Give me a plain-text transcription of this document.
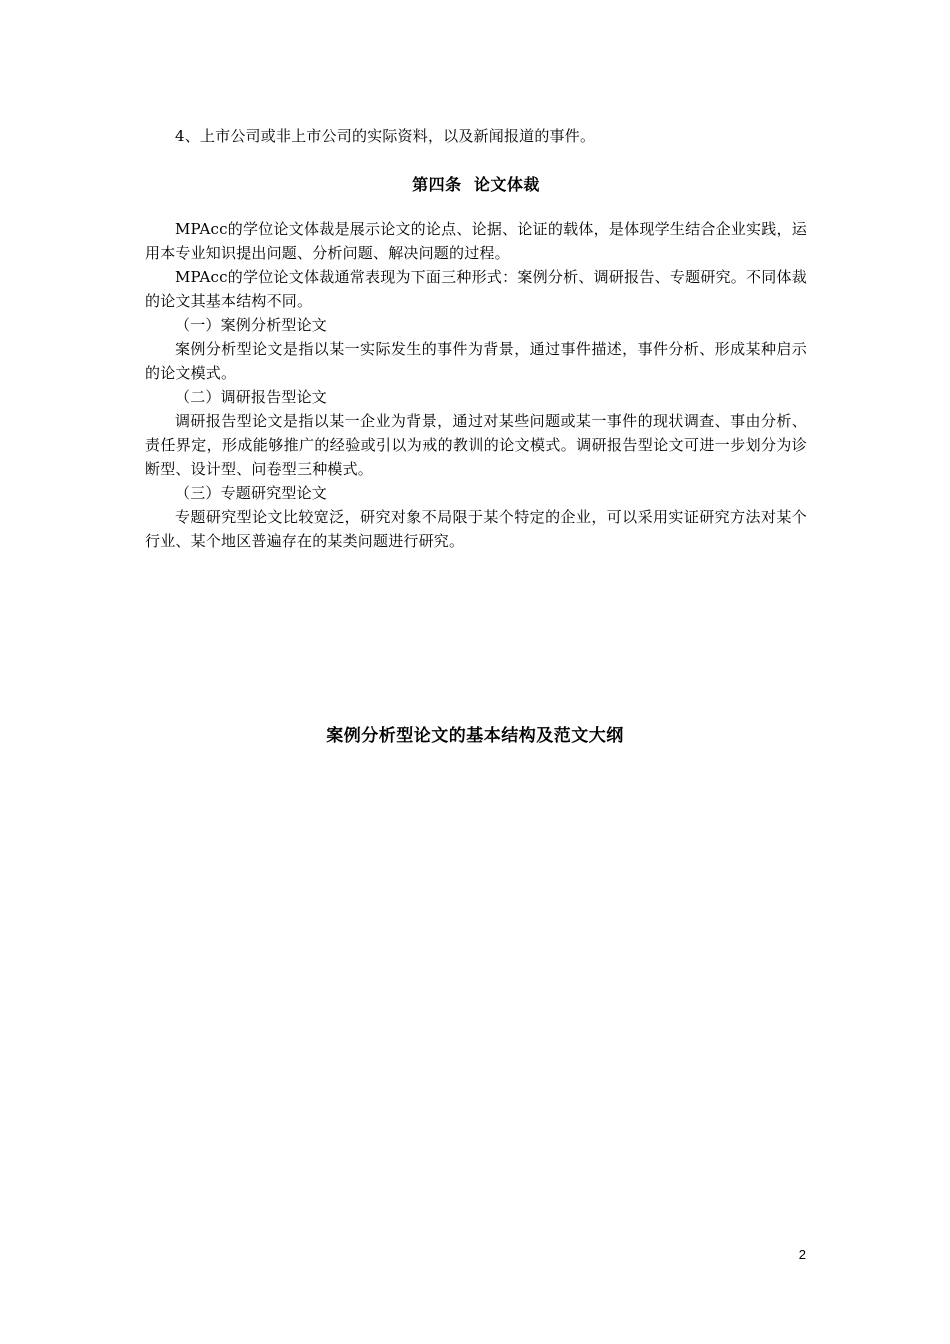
4、上市公司或非上市公司的实际资料，以及新闻报道的事件。

第四条  论文体裁

MPAcc的学位论文体裁是展示论文的论点、论据、论证的载体，是体现学生结合企业实践，运用本专业知识提出问题、分析问题、解决问题的过程。

MPAcc的学位论文体裁通常表现为下面三种形式：案例分析、调研报告、专题研究。不同体裁的论文其基本结构不同。

（一）案例分析型论文

案例分析型论文是指以某一实际发生的事件为背景，通过事件描述，事件分析、形成某种启示的论文模式。

（二）调研报告型论文

调研报告型论文是指以某一企业为背景，通过对某些问题或某一事件的现状调查、事由分析、责任界定，形成能够推广的经验或引以为戒的教训的论文模式。调研报告型论文可进一步划分为诊断型、设计型、问卷型三种模式。

（三）专题研究型论文

专题研究型论文比较宽泛，研究对象不局限于某个特定的企业，可以采用实证研究方法对某个行业、某个地区普遍存在的某类问题进行研究。

案例分析型论文的基本结构及范文大纲
2
